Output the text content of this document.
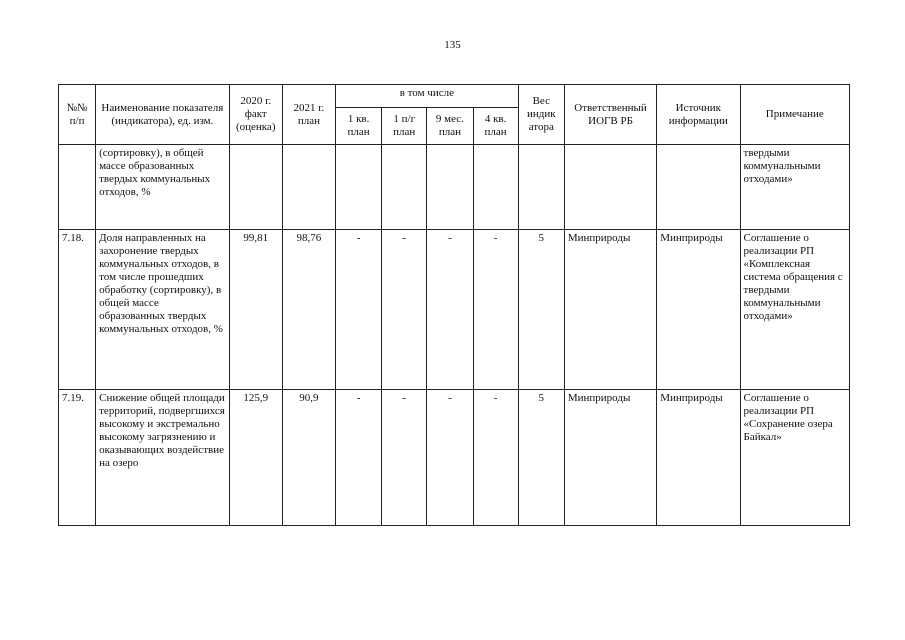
135
№№ п/п	Наименование показателя (индикатора), ед. изм.	2020 г. факт (оценка)	2021 г. план	в том числе				Вес индик атора	Ответственный ИОГВ РБ	Источник информации	Примечание
				1 кв. план	1 п/г план	9 мес. план	4 кв. план				
	(сортировку), в общей массе образованных твердых коммунальных отходов, %										твердыми коммунальными отходами»
7.18.	Доля направленных на захоронение твердых коммунальных отходов, в том числе прошедших обработку (сортировку), в общей массе образованных твердых коммунальных отходов, %	99,81	98,76	-	-	-	-	5	Минприроды	Минприроды	Соглашение о реализации РП «Комплексная система обращения с твердыми коммунальными отходами»
7.19.	Снижение общей площади территорий, подвергшихся высокому и экстремально высокому загрязнению и оказывающих воздействие на озеро	125,9	90,9	-	-	-	-	5	Минприроды	Минприроды	Соглашение о реализации РП «Сохранение озера Байкал»
